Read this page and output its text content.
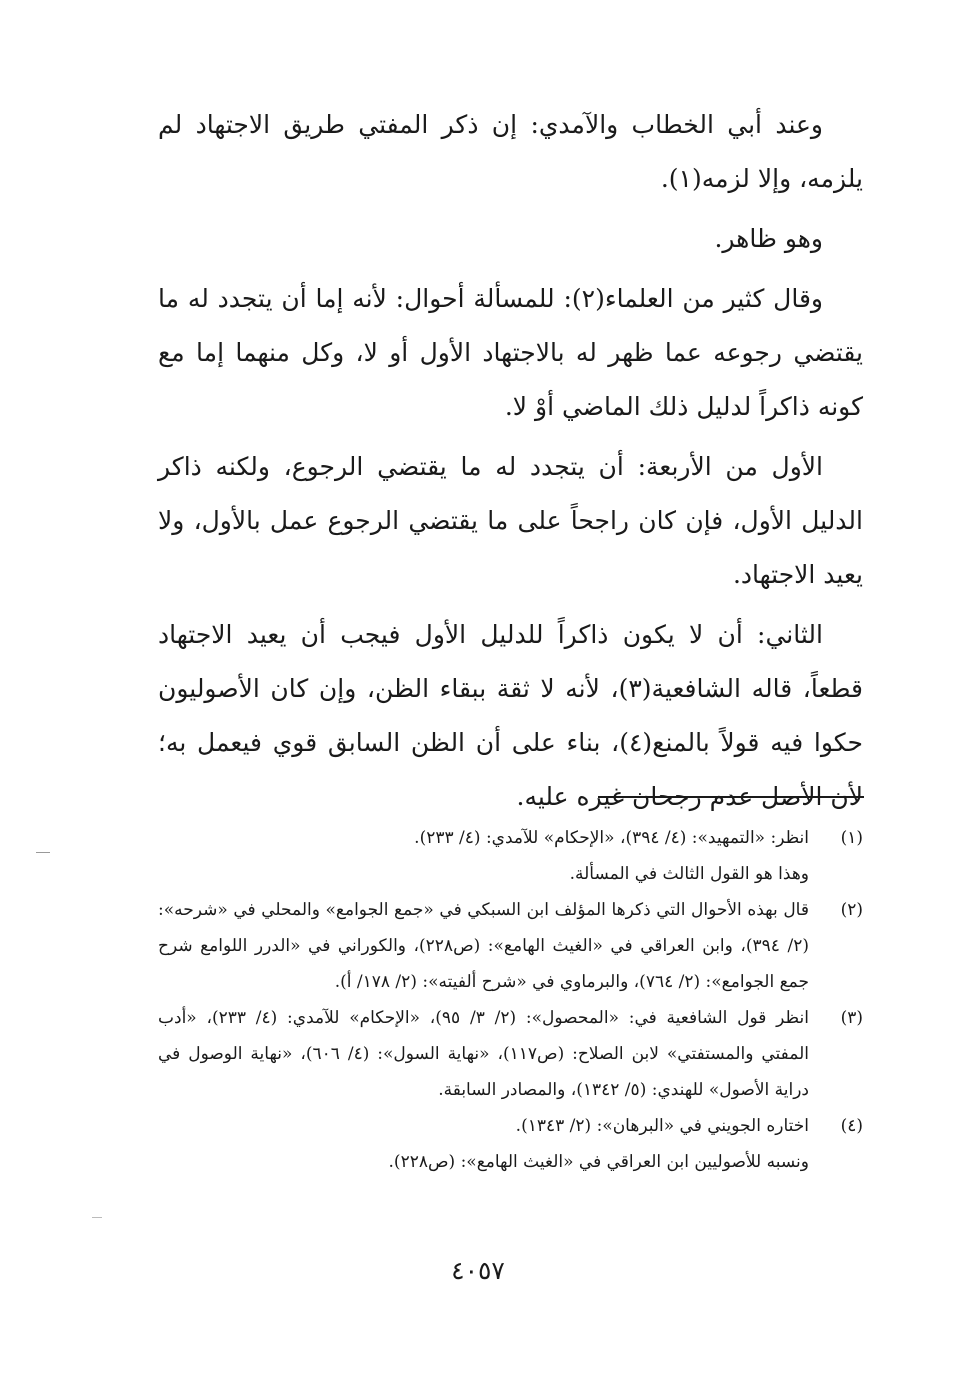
وعند أبي الخطاب والآمدي: إن ذكر المفتي طريق الاجتهاد لم يلزمه، وإلا لزمه(١).

وهو ظاهر.

وقال كثير من العلماء(٢): للمسألة أحوال: لأنه إما أن يتجدد له ما يقتضي رجوعه عما ظهر له بالاجتهاد الأول أو لا، وكل منهما إما مع كونه ذاكراً لدليل ذلك الماضي أوْ لا.

الأول من الأربعة: أن يتجدد له ما يقتضي الرجوع، ولكنه ذاكر الدليل الأول، فإن كان راجحاً على ما يقتضي الرجوع عمل بالأول، ولا يعيد الاجتهاد.

الثاني: أن لا يكون ذاكراً للدليل الأول فيجب أن يعيد الاجتهاد قطعاً، قاله الشافعية(٣)، لأنه لا ثقة ببقاء الظن، وإن كان الأصوليون حكوا فيه قولاً بالمنع(٤)، بناء على أن الظن السابق قوي فيعمل به؛ لأن الأصل عدم رجحان غيره عليه.

(١)
انظر: «التمهيد»: (٤/ ٣٩٤)، «الإحكام» للآمدي: (٤/ ٢٣٣).
وهذا هو القول الثالث في المسألة.
(٢)
قال بهذه الأحوال التي ذكرها المؤلف ابن السبكي في «جمع الجوامع» والمحلي في «شرحه»: (٢/ ٣٩٤)، وابن العراقي في «الغيث الهامع»: (ص٢٢٨)، والكوراني في «الدرر اللوامع شرح جمع الجوامع»: (٢/ ٧٦٤)، والبرماوي في «شرح ألفيته»: (٢/ ١٧٨/ أ).
(٣)
انظر قول الشافعية في: «المحصول»: (٢/ ٣/ ٩٥)، «الإحكام» للآمدي: (٤/ ٢٣٣)، «أدب المفتي والمستفتي» لابن الصلاح: (ص١١٧)، «نهاية السول»: (٤/ ٦٠٦)، «نهاية الوصول في دراية الأصول» للهندي: (٥/ ١٣٤٢)، والمصادر السابقة.
(٤)
اختاره الجويني في «البرهان»: (٢/ ١٣٤٣).
ونسبه للأصوليين ابن العراقي في «الغيث الهامع»: (ص٢٢٨).
٤٠٥٧
